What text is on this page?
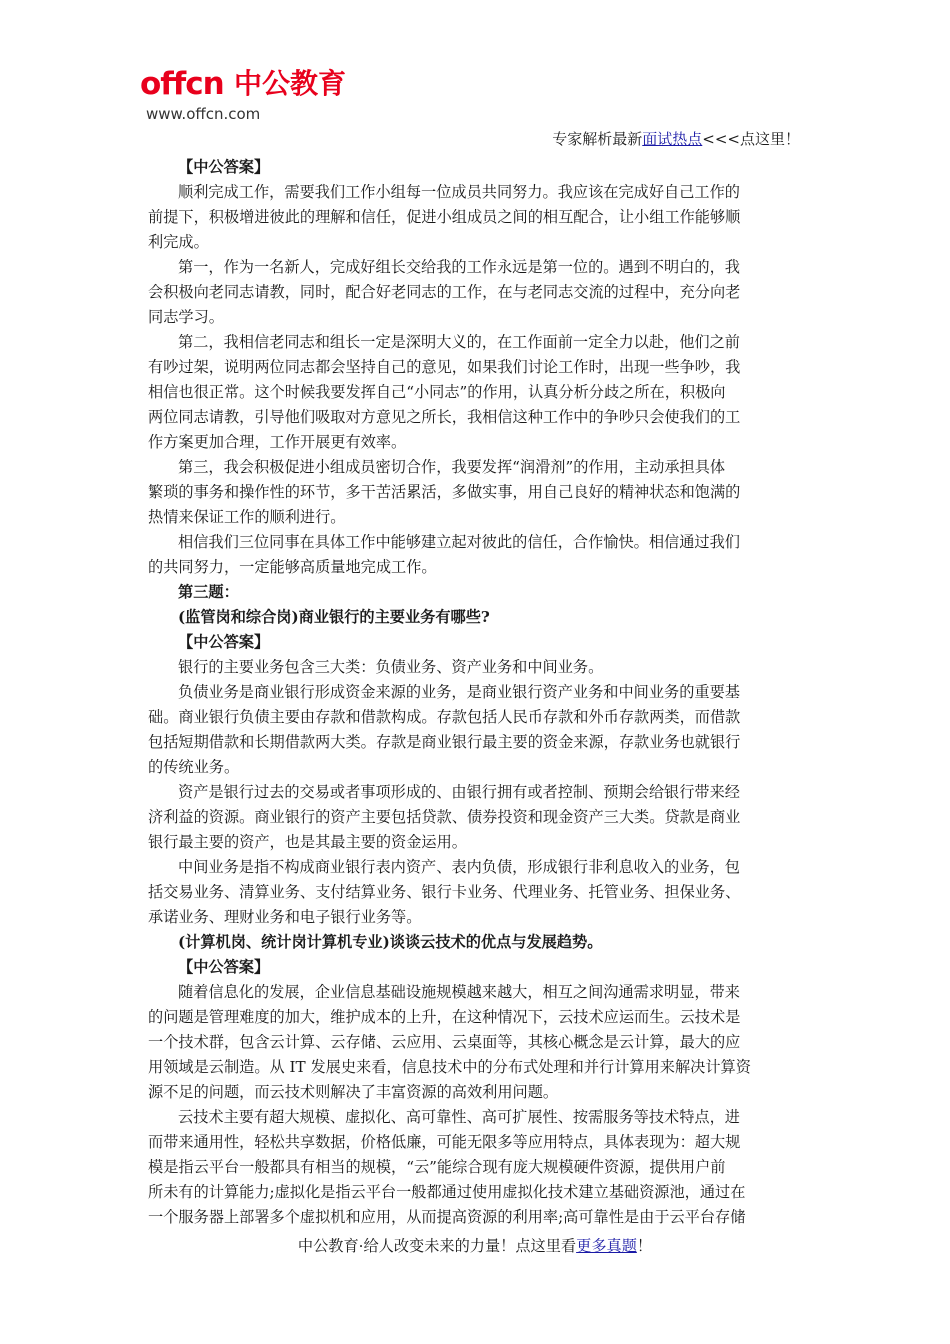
offcn 中公教育
www.offcn.com
专家解析最新面试热点<<<点这里！
【中公答案】
顺利完成工作，需要我们工作小组每一位成员共同努力。我应该在完成好自己工作的
前提下，积极增进彼此的理解和信任，促进小组成员之间的相互配合，让小组工作能够顺
利完成。
第一，作为一名新人，完成好组长交给我的工作永远是第一位的。遇到不明白的，我
会积极向老同志请教，同时，配合好老同志的工作，在与老同志交流的过程中，充分向老
同志学习。
第二，我相信老同志和组长一定是深明大义的，在工作面前一定全力以赴，他们之前
有吵过架，说明两位同志都会坚持自己的意见，如果我们讨论工作时，出现一些争吵，我
相信也很正常。这个时候我要发挥自己“小同志”的作用，认真分析分歧之所在，积极向
两位同志请教，引导他们吸取对方意见之所长，我相信这种工作中的争吵只会使我们的工
作方案更加合理，工作开展更有效率。
第三，我会积极促进小组成员密切合作，我要发挥“润滑剂”的作用，主动承担具体
繁琐的事务和操作性的环节，多干苦活累活，多做实事，用自己良好的精神状态和饱满的
热情来保证工作的顺利进行。
相信我们三位同事在具体工作中能够建立起对彼此的信任，合作愉快。相信通过我们
的共同努力，一定能够高质量地完成工作。
第三题：
(监管岗和综合岗)商业银行的主要业务有哪些?
【中公答案】
银行的主要业务包含三大类：负债业务、资产业务和中间业务。
负债业务是商业银行形成资金来源的业务，是商业银行资产业务和中间业务的重要基
础。商业银行负债主要由存款和借款构成。存款包括人民币存款和外币存款两类，而借款
包括短期借款和长期借款两大类。存款是商业银行最主要的资金来源，存款业务也就银行
的传统业务。
资产是银行过去的交易或者事项形成的、由银行拥有或者控制、预期会给银行带来经
济利益的资源。商业银行的资产主要包括贷款、债券投资和现金资产三大类。贷款是商业
银行最主要的资产，也是其最主要的资金运用。
中间业务是指不构成商业银行表内资产、表内负债，形成银行非利息收入的业务，包
括交易业务、清算业务、支付结算业务、银行卡业务、代理业务、托管业务、担保业务、
承诺业务、理财业务和电子银行业务等。
(计算机岗、统计岗计算机专业)谈谈云技术的优点与发展趋势。
【中公答案】
随着信息化的发展，企业信息基础设施规模越来越大，相互之间沟通需求明显，带来
的问题是管理难度的加大，维护成本的上升，在这种情况下，云技术应运而生。云技术是
一个技术群，包含云计算、云存储、云应用、云桌面等，其核心概念是云计算，最大的应
用领域是云制造。从 IT 发展史来看，信息技术中的分布式处理和并行计算用来解决计算资
源不足的问题，而云技术则解决了丰富资源的高效利用问题。
云技术主要有超大规模、虚拟化、高可靠性、高可扩展性、按需服务等技术特点，进
而带来通用性，轻松共享数据，价格低廉，可能无限多等应用特点，具体表现为：超大规
模是指云平台一般都具有相当的规模，“云”能综合现有庞大规模硬件资源，提供用户前
所未有的计算能力;虚拟化是指云平台一般都通过使用虚拟化技术建立基础资源池，通过在
一个服务器上部署多个虚拟机和应用，从而提高资源的利用率;高可靠性是由于云平台存储
中公教育·给人改变未来的力量！点这里看更多真题！
